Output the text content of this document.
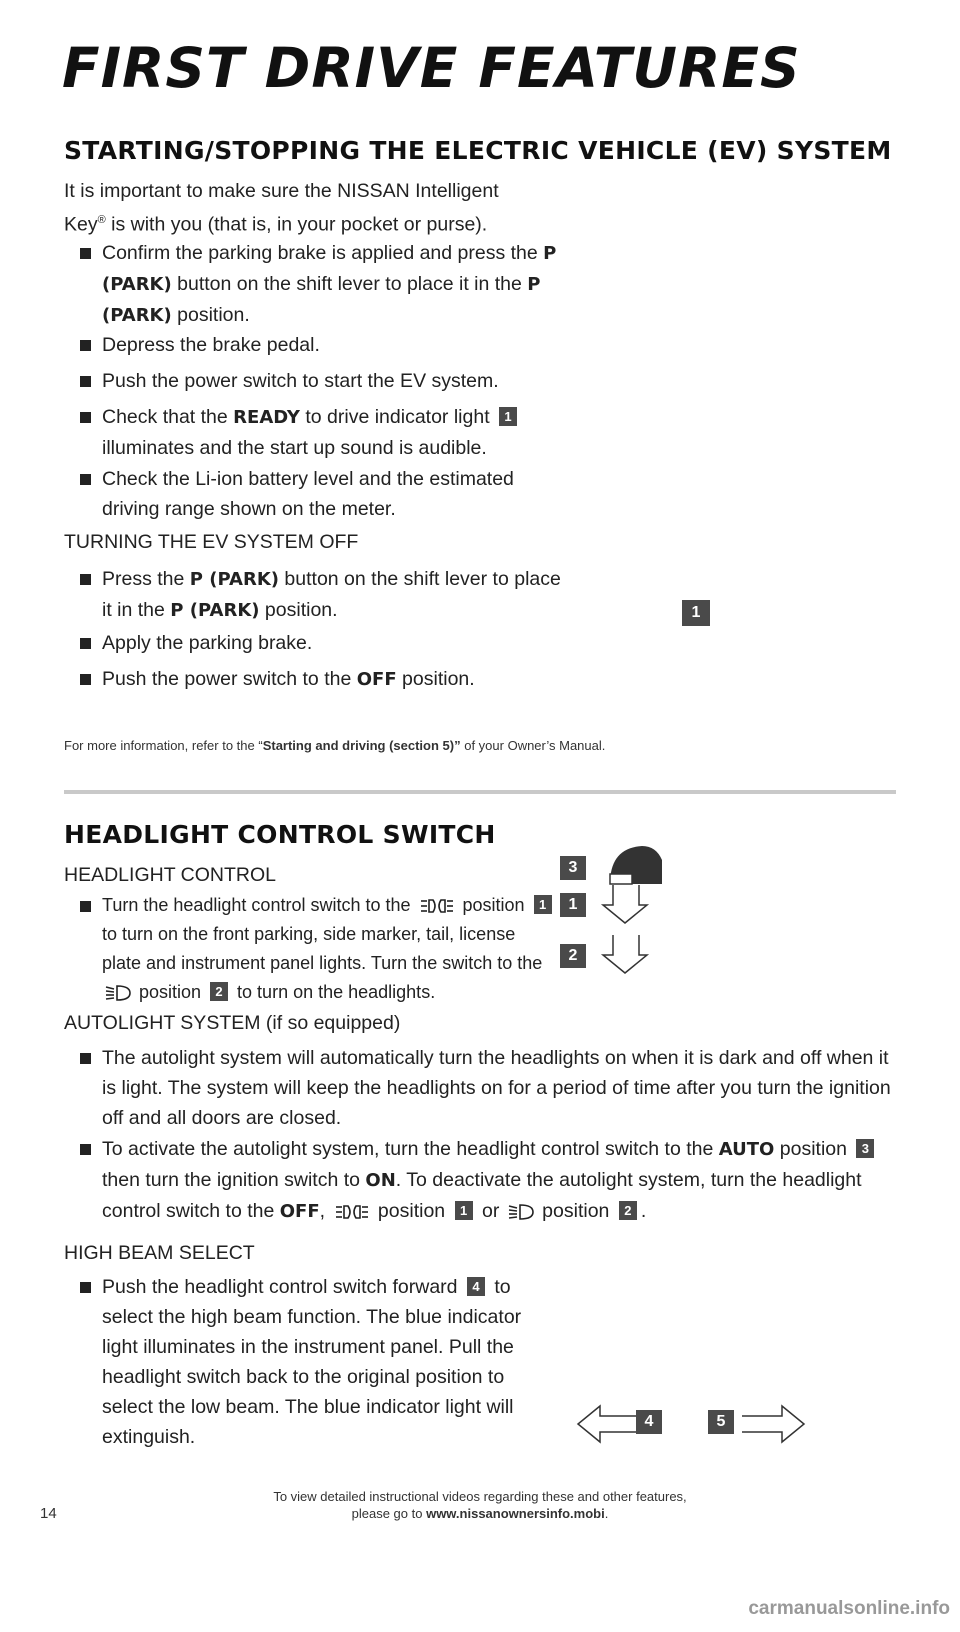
FIRST DRIVE FEATURES
STARTING/STOPPING THE ELECTRIC VEHICLE (EV) SYSTEM

It is important to make sure the NISSAN Intelligent

Key® is with you (that is, in your pocket or purse).

Confirm the parking brake is applied and press the P (PARK) button on the shift lever to place it in the P (PARK) position.
Depress the brake pedal.
Push the power switch to start the EV system.
Check that the READY to drive indicator light 1 illuminates and the start up sound is audible.
Check the Li-ion battery level and the estimated driving range shown on the meter.

TURNING THE EV SYSTEM OFF

Press the P (PARK) button on the shift lever to place it in the P (PARK) position.
Apply the parking brake.
Push the power switch to the OFF position.
For more information, refer to the “Starting and driving (section 5)” of your Owner’s Manual.
1
HEADLIGHT CONTROL SWITCH

HEADLIGHT CONTROL

Turn the headlight control switch to the  position 1 to turn on the front parking, side marker, tail, license plate and instrument panel lights. Turn the switch to the  position 2 to turn on the headlights.
3
1
2

AUTOLIGHT SYSTEM (if so equipped)

The autolight system will automatically turn the headlights on when it is dark and off when it is light. The system will keep the headlights on for a period of time after you turn the ignition off and all doors are closed.
To activate the autolight system, turn the headlight control switch to the AUTO position 3 then turn the ignition switch to ON. To deactivate the autolight system, turn the headlight control switch to the OFF,  position 1 or  position 2 .

HIGH BEAM SELECT

Push the headlight control switch forward 4 to select the high beam function. The blue indicator light illuminates in the instrument panel. Pull the headlight switch back to the original position to select the low beam. The blue indicator light will extinguish.
4	5
14
To view detailed instructional videos regarding these and other features,
please go to www.nissanownersinfo.mobi.
carmanualsonline.info
